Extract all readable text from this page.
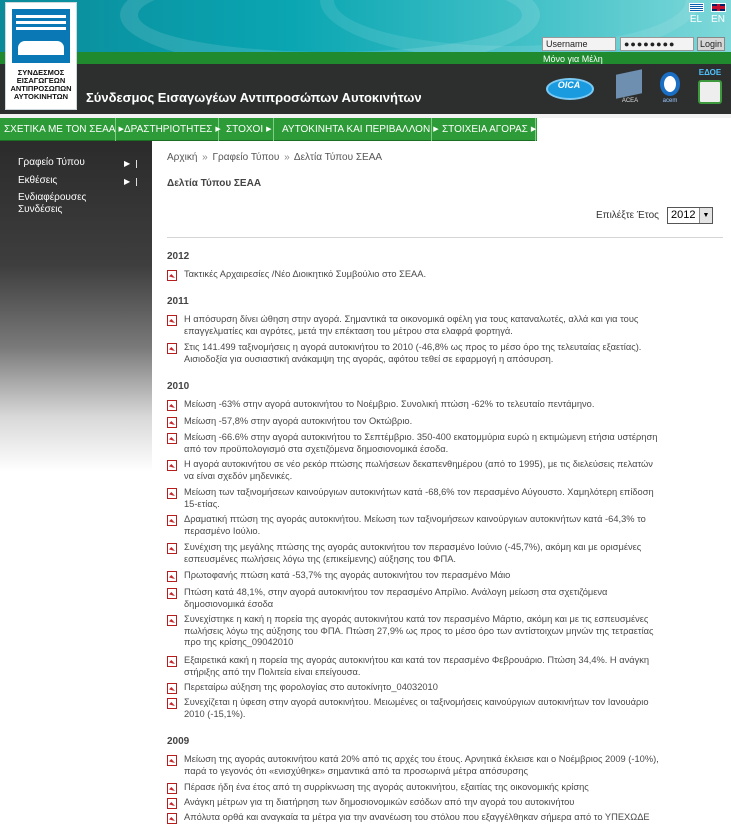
ΣΥΝΔΕΣΜΟΣ ΕΙΣΑΓΩΓΕΩΝ ΑΝΤΙΠΡΟΣΩΠΩΝ ΑΥΤΟΚΙΝΗΤΩΝ	Σύνδεσμος Εισαγωγέων Αντιπροσώπων Αυτοκινήτων
EL EN
Username	●●●●●●●●	Login
Μόνο για Μέλη
OICA
ACEA	acem
ΕΔΟΕ
ΣΧΕΤΙΚΑ ΜΕ ΤΟΝ ΣΕΑΑ ▶ ΔΡΑΣΤΗΡΙΟΤΗΤΕΣ ▶ ΣΤΟΧΟΙ ▶	ΑΥΤΟΚΙΝΗΤΑ ΚΑΙ ΠΕΡΙΒΑΛΛΟΝ ▶ ΣΤΟΙΧΕΙΑ ΑΓΟΡΑΣ ▶
Γραφείο Τύπου	▶
Εκθέσεις	▶
Ενδιαφέρουσες Συνδέσεις
Αρχική » Γραφείο Τύπου » Δελτία Τύπου ΣΕΑΑ
Δελτία Τύπου ΣΕΑΑ
Επιλέξτε Έτος	2012	▼
2012
Τακτικές Αρχαιρεσίες /Νέο Διοικητικό Συμβούλιο στο ΣΕΑΑ.
2011
Η απόσυρση δίνει ώθηση στην αγορά. Σημαντικά τα οικονομικά οφέλη για τους καταναλωτές, αλλά και για τους επαγγελματίες και αγρότες, μετά την επέκταση του μέτρου στα ελαφρά φορτηγά.
Στις 141.499 ταξινομήσεις η αγορά αυτοκινήτου το 2010 (-46,8% ως προς το μέσο όρο της τελευταίας εξαετίας). Αισιοδοξία για ουσιαστική ανάκαμψη της αγοράς, αφότου τεθεί σε εφαρμογή η απόσυρση.
2010
Μείωση -63% στην αγορά αυτοκινήτου το Νοέμβριο. Συνολική πτώση -62% το τελευταίο πεντάμηνο.
Μείωση -57,8% στην αγορά αυτοκινήτου τον Οκτώβριο.
Μείωση -66.6% στην αγορά αυτοκινήτου το Σεπτέμβριο. 350-400 εκατομμύρια ευρώ η εκτιμώμενη ετήσια υστέρηση από τον προϋπολογισμό στα σχετιζόμενα δημοσιονομικά έσοδα.
Η αγορά αυτοκινήτου σε νέο ρεκόρ πτώσης πωλήσεων δεκαπενθημέρου (από το 1995), με τις διελεύσεις πελατών να είναι σχεδόν μηδενικές.
Μείωση των ταξινομήσεων καινούργιων αυτοκινήτων κατά -68,6% τον περασμένο Αύγουστο. Χαμηλότερη επίδοση 15-ετίας.
Δραματική πτώση της αγοράς αυτοκινήτου. Μείωση των ταξινομήσεων καινούργιων αυτοκινήτων κατά -64,3% το περασμένο Ιούλιο.
Συνέχιση της μεγάλης πτώσης της αγοράς αυτοκινήτου τον περασμένο Ιούνιο (-45,7%), ακόμη και με ορισμένες εσπευσμένες πωλήσεις λόγω της (επικείμενης) αύξησης του ΦΠΑ.
Πρωτοφανής πτώση κατά -53,7% της αγοράς αυτοκινήτου τον περασμένο Μάιο
Πτώση κατά 48,1%, στην αγορά αυτοκινήτου τον περασμένο Απρίλιο. Ανάλογη μείωση στα σχετιζόμενα δημοσιονομικά έσοδα
Συνεχίστηκε η κακή η πορεία της αγοράς αυτοκινήτου κατά τον περασμένο Μάρτιο, ακόμη και με τις εσπευσμένες πωλήσεις λόγω της αύξησης του ΦΠΑ. Πτώση 27,9% ως προς το μέσο όρο των αντίστοιχων μηνών της τετραετίας προ της κρίσης_09042010
Εξαιρετικά κακή η πορεία της αγοράς αυτοκινήτου και κατά τον περασμένο Φεβρουάριο. Πτώση 34,4%. Η ανάγκη στήριξης από την Πολιτεία είναι επείγουσα.
Περεταίρω αύξηση της φορολογίας στο αυτοκίνητο_04032010
Συνεχίζεται η ύφεση στην αγορά αυτοκινήτου. Μειωμένες οι ταξινομήσεις καινούργιων αυτοκινήτων τον Ιανουάριο 2010 (-15,1%).
2009
Μείωση της αγοράς αυτοκινήτου κατά 20% από τις αρχές του έτους. Αρνητικά έκλεισε και ο Νοέμβριος 2009 (-10%), παρά το γεγονός ότι «ενισχύθηκε» σημαντικά από τα προσωρινά μέτρα απόσυρσης
Πέρασε ήδη ένα έτος από τη συρρίκνωση της αγοράς αυτοκινήτου, εξαιτίας της οικονομικής κρίσης
Ανάγκη μέτρων για τη διατήρηση των δημοσιονομικών εσόδων από την αγορά του αυτοκινήτου
Απόλυτα ορθά και αναγκαία τα μέτρα για την ανανέωση του στόλου που εξαγγέλθηκαν σήμερα από το ΥΠΕΧΩΔΕ
